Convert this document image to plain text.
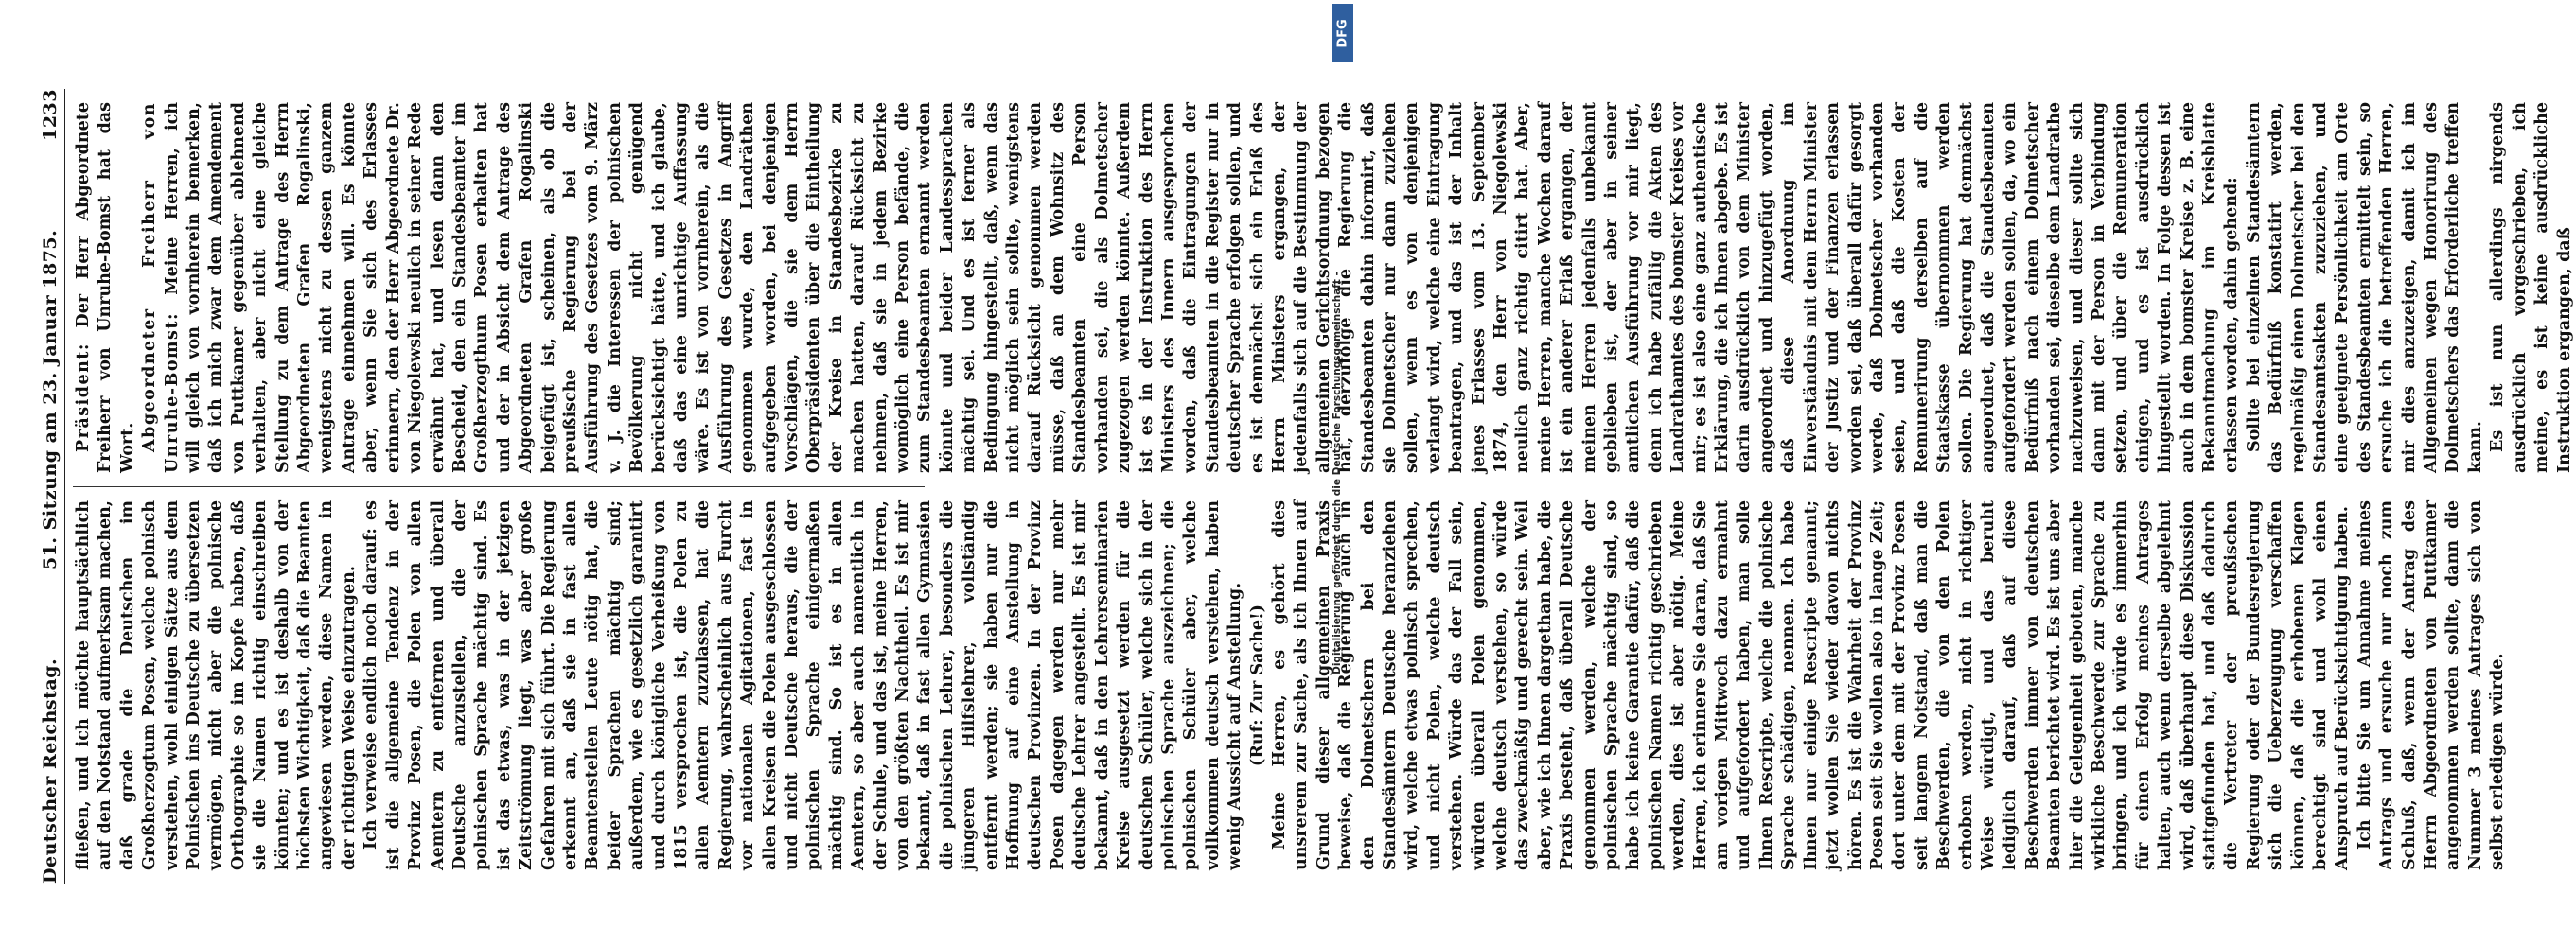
Deutscher Reichstag.
51. Sitzung am 23. Januar 1875.
1233

fließen, und ich möchte hauptsächlich auf den Notstand aufmerksam machen, daß grade die Deutschen im Großherzogtum Posen, welche polnisch verstehen, wohl einigen Sätze aus dem Polnischen ins Deutsche zu übersetzen vermögen, nicht aber die polnische Orthographie so im Kopfe haben, daß sie die Namen richtig einschreiben könnten; und es ist deshalb von der höchsten Wichtigkeit, daß die Beamten angewiesen werden, diese Namen in der richtigen Weise einzutragen. Ich verweise endlich noch darauf: es ist die allgemeine Tendenz in der Provinz Posen, die Polen von allen Aemtern zu entfernen und überall Deutsche anzustellen, die der polnischen Sprache mächtig sind. Es ist das etwas, was in der jetzigen Zeitströmung liegt, was aber große Gefahren mit sich führt. Die Regierung erkennt an, daß sie in fast allen Beamtenstellen Leute nötig hat, die beider Sprachen mächtig sind; außerdem, wie es gesetzlich garantirt und durch königliche Verheißung von 1815 versprochen ist, die Polen zu allen Aemtern zuzulassen, hat die Regierung, wahrscheinlich aus Furcht vor nationalen Agitationen, fast in allen Kreisen die Polen ausgeschlossen und nicht Deutsche heraus, die der polnischen Sprache einigermaßen mächtig sind. So ist es in allen Aemtern, so aber auch namentlich in der Schule, und das ist, meine Herren, von den größten Nachtheil. Es ist mir bekannt, daß in fast allen Gymnasien die polnischen Lehrer, besonders die jüngeren Hilfslehrer, vollständig entfernt werden; sie haben nur die Hoffnung auf eine Anstellung in deutschen Provinzen. In der Provinz Posen dagegen werden nur mehr deutsche Lehrer angestellt. Es ist mir bekannt, daß in den Lehrerseminarien Kreise ausgesetzt werden für die deutschen Schüler, welche sich in der polnischen Sprache auszeichnen; die polnischen Schüler aber, welche vollkommen deutsch verstehen, haben wenig Aussicht auf Anstellung. (Ruf: Zur Sache!) Meine Herren, es gehört dies unsrerem zur Sache, als ich Ihnen auf Grund dieser allgemeinen Praxis beweise, daß die Regierung auch in den Dolmetschern bei den Standesämtern Deutsche heranziehen wird, welche etwas polnisch sprechen, und nicht Polen, welche deutsch verstehen. Würde das der Fall sein, würden überall Polen genommen, welche deutsch verstehen, so würde das zweckmäßig und gerecht sein. Weil aber, wie ich Ihnen dargethan habe, die Praxis besteht, daß überall Deutsche genommen werden, welche der polnischen Sprache mächtig sind, so habe ich keine Garantie dafür, daß die polnischen Namen richtig geschrieben werden, dies ist aber nötig. Meine Herren, ich erinnere Sie daran, daß Sie am vorigen Mittwoch dazu ermahnt und aufgefordert haben, man solle Ihnen Rescripte, welche die polnische Sprache schädigen, nennen. Ich habe Ihnen nur einige Rescripte genannt; jetzt wollen Sie wieder davon nichts hören. Es ist die Wahrheit der Provinz Posen seit Sie wollen also in lange Zeit; dort unter dem mit der Provinz Posen seit langem Notstand, daß man die Beschwerden, die von den Polen erhoben werden, nicht in richtiger Weise würdigt, und das beruht lediglich darauf, daß auf diese Beschwerden immer von deutschen Beamten berichtet wird. Es ist uns aber hier die Gelegenheit geboten, manche wirkliche Beschwerde zur Sprache zu bringen, und ich würde es immerhin für einen Erfolg meines Antrages halten, auch wenn derselbe abgelehnt wird, daß überhaupt diese Diskussion stattgefunden hat, und daß dadurch die Vertreter der preußischen Regierung oder der Bundesregierung sich die Ueberzeugung verschaffen können, daß die erhobenen Klagen berechtigt sind und wohl einen Anspruch auf Berücksichtigung haben. Ich bitte Sie um Annahme meines Antrags und ersuche nur noch zum Schluß, daß, wenn der Antrag des Herrn Abgeordneten von Puttkamer angenommen werden sollte, dann die Nummer 3 meines Antrages sich von selbst erledigen würde.

Präsident: Der Herr Abgeordnete Freiherr von Unruhe-Bomst hat das Wort. Abgeordneter Freiherr von Unruhe-Bomst: Meine Herren, ich will gleich von vornherein bemerken, daß ich mich zwar dem Amendement von Puttkamer gegenüber ablehnend verhalten, aber nicht eine gleiche Stellung zu dem Antrage des Herrn Abgeordneten Grafen Rogalinski, wenigstens nicht zu dessen ganzem Antrage einnehmen will. Es könnte aber, wenn Sie sich des Erlasses erinnern, den der Herr Abgeordnete Dr. von Niegolewski neulich in seiner Rede erwähnt hat, und lesen dann den Bescheid, den ein Standesbeamter im Großherzogthum Posen erhalten hat und der in Absicht dem Antrage des Abgeordneten Grafen Rogalinski beigefügt ist, scheinen, als ob die preußische Regierung bei der Ausführung des Gesetzes vom 9. März v. J. die Interessen der polnischen Bevölkerung nicht genügend berücksichtigt hätte, und ich glaube, daß das eine unrichtige Auffassung wäre. Es ist von vornherein, als die Ausführung des Gesetzes in Angriff genommen wurde, den Landräthen aufgegeben worden, bei denjenigen Vorschlägen, die sie dem Herrn Oberpräsidenten über die Eintheilung der Kreise in Standesbezirke zu machen hatten, darauf Rücksicht zu nehmen, daß sie in jedem Bezirke womöglich eine Person befände, die zum Standesbeamten ernannt werden könnte und beider Landessprachen mächtig sei. Und es ist ferner als Bedingung hingestellt, daß, wenn das nicht möglich sein sollte, wenigstens darauf Rücksicht genommen werden müsse, daß an dem Wohnsitz des Standesbeamten eine Person vorhanden sei, die als Dolmetscher zugezogen werden könnte. Außerdem ist es in der Instruktion des Herrn Ministers des Innern ausgesprochen worden, daß die Eintragungen der Standesbeamten in die Register nur in deutscher Sprache erfolgen sollen, und es ist demnächst sich ein Erlaß des Herrn Ministers ergangen, der jedenfalls sich auf die Bestimmung der allgemeinen Gerichtsordnung bezogen hat, derzufolge die Regierung die Standesbeamten dahin informirt, daß sie Dolmetscher nur dann zuziehen sollen, wenn es von denjenigen verlangt wird, welche eine Eintragung beantragen, und das ist der Inhalt jenes Erlasses vom 13. September 1874, den Herr von Niegolewski neulich ganz richtig citirt hat. Aber, meine Herren, manche Wochen darauf ist ein anderer Erlaß ergangen, der meinen Herren jedenfalls unbekannt geblieben ist, der aber in seiner amtlichen Ausführung vor mir liegt, denn ich habe zufällig die Akten des Landrathamtes des bomster Kreises vor mir; es ist also eine ganz authentische Erklärung, die ich Ihnen abgebe. Es ist darin ausdrücklich von dem Minister angeordnet und hinzugefügt worden, daß diese Anordnung im Einverständnis mit dem Herrn Minister der Justiz und der Finanzen erlassen worden sei, daß überall dafür gesorgt werde, daß Dolmetscher vorhanden seien, und daß die Kosten der Remunerirung derselben auf die Staatskasse übernommen werden sollen. Die Regierung hat demnächst angeordnet, daß die Standesbeamten aufgefordert werden sollen, da, wo ein Bedürfniß nach einem Dolmetscher vorhanden sei, dieselbe dem Landrathe nachzuweisen, und dieser sollte sich dann mit der Person in Verbindung setzen, und über die Remuneration einigen, und es ist ausdrücklich hingestellt worden. In Folge dessen ist auch in dem bomster Kreise z. B. eine Bekanntmachung im Kreisblatte erlassen worden, dahin gehend: Sollte bei einzelnen Standesämtern das Bedürfniß konstatirt werden, regelmäßig einen Dolmetscher bei den Standesamtsakten zuzuziehen, und eine geeignete Persönlichkeit am Orte des Standesbeamten ermittelt sein, so ersuche ich die betreffenden Herren, mir dies anzuzeigen, damit ich im Allgemeinen wegen Honorirung des Dolmetschers das Erforderliche treffen kann. Es ist nun allerdings nirgends ausdrücklich vorgeschrieben, ich meine, es ist keine ausdrückliche Instruktion ergangen, daß

DFG
Digitalisierung gefördert durch die Deutsche Forschungsgemeinschaft -
